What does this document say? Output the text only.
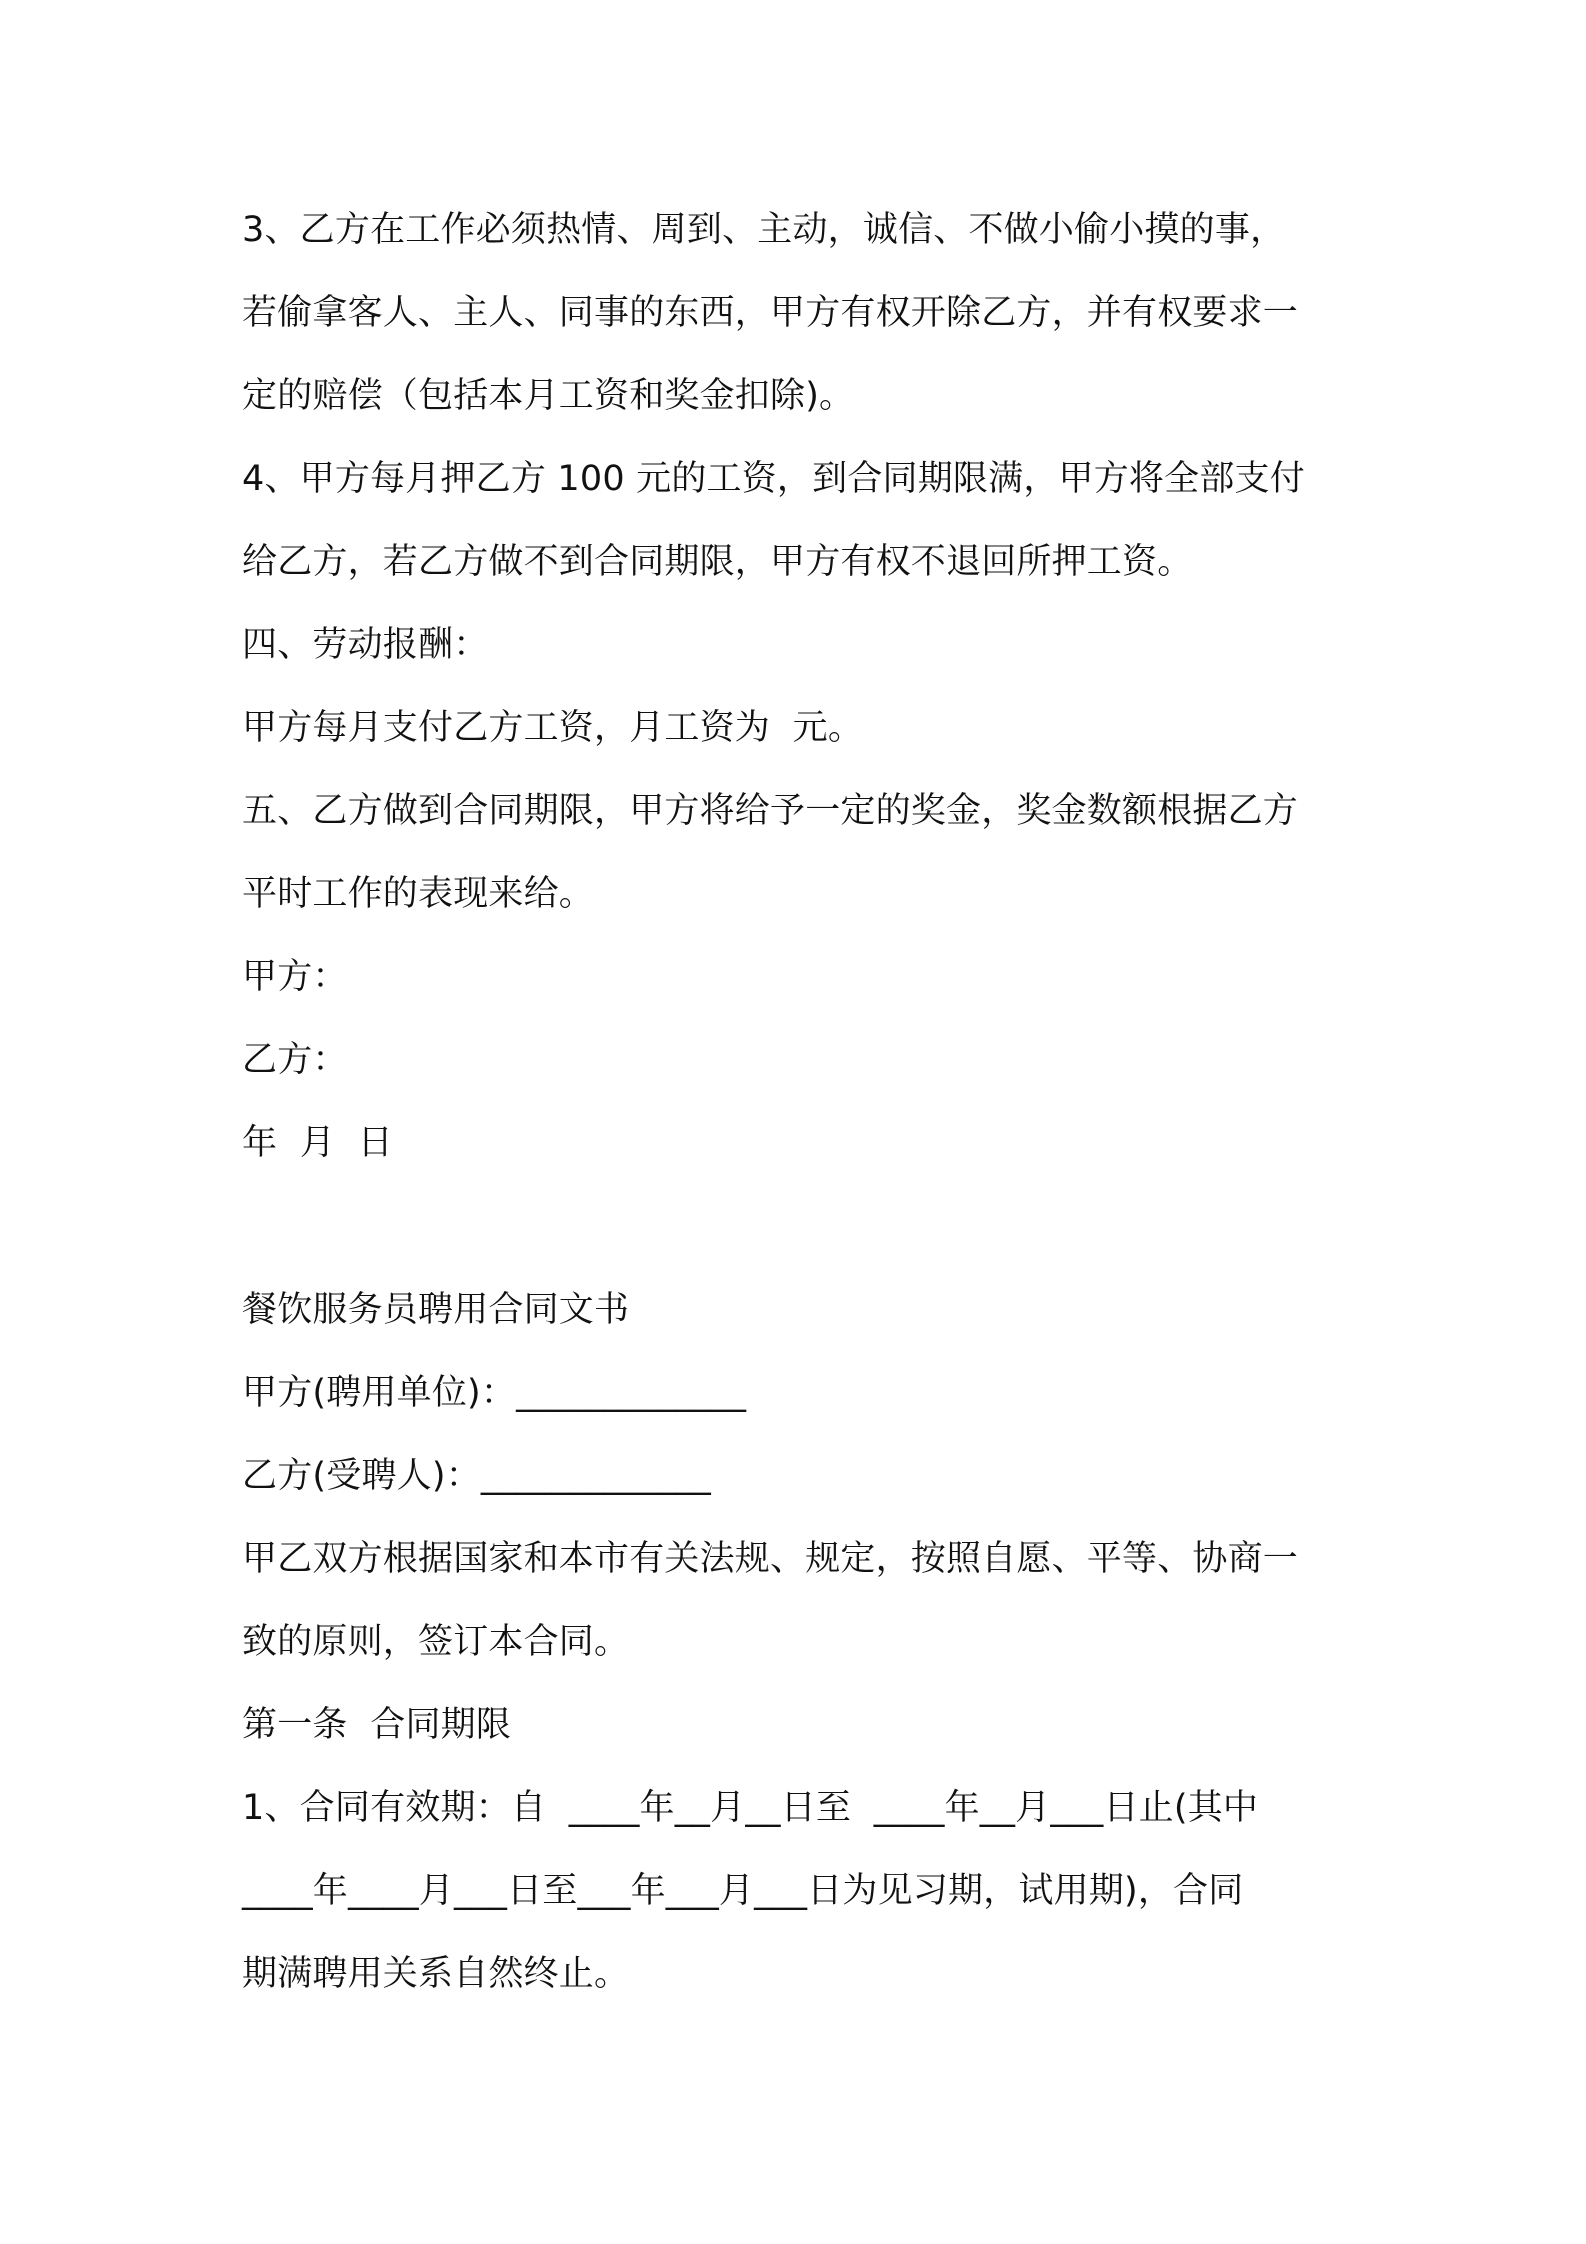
3、乙方在工作必须热情、周到、主动，诚信、不做小偷小摸的事，
若偷拿客人、主人、同事的东西，甲方有权开除乙方，并有权要求一
定的赔偿（包括本月工资和奖金扣除)。
4、甲方每月押乙方 100 元的工资，到合同期限满，甲方将全部支付
给乙方，若乙方做不到合同期限，甲方有权不退回所押工资。
四、劳动报酬：
甲方每月支付乙方工资，月工资为  元。
五、乙方做到合同期限，甲方将给予一定的奖金，奖金数额根据乙方
平时工作的表现来给。
甲方：
乙方：
年  月  日
餐饮服务员聘用合同文书
甲方(聘用单位)：_____________
乙方(受聘人)：_____________
甲乙双方根据国家和本市有关法规、规定，按照自愿、平等、协商一
致的原则，签订本合同。
第一条  合同期限
1、合同有效期：自  ____年__月__日至  ____年__月___日止(其中
____年____月___日至___年___月___日为见习期，试用期)，合同
期满聘用关系自然终止。
